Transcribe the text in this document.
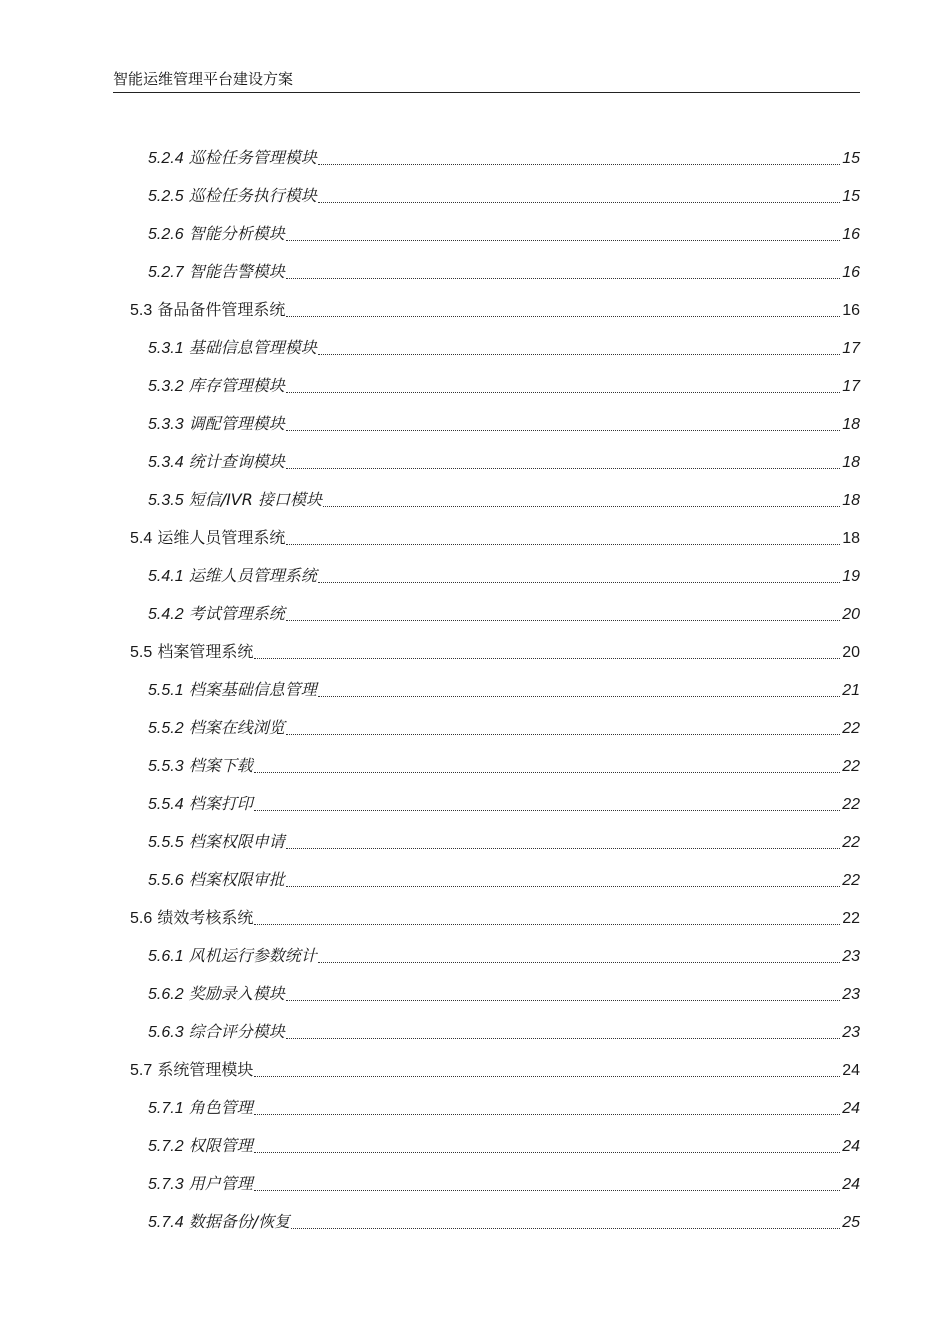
智能运维管理平台建设方案
5.2.4 巡检任务管理模块	15
5.2.5 巡检任务执行模块	15
5.2.6 智能分析模块	16
5.2.7 智能告警模块	16
5.3 备品备件管理系统	16
5.3.1 基础信息管理模块	17
5.3.2 库存管理模块	17
5.3.3 调配管理模块	18
5.3.4 统计查询模块	18
5.3.5 短信/IVR 接口模块	18
5.4 运维人员管理系统	18
5.4.1 运维人员管理系统	19
5.4.2 考试管理系统	20
5.5 档案管理系统	20
5.5.1 档案基础信息管理	21
5.5.2 档案在线浏览	22
5.5.3 档案下载	22
5.5.4 档案打印	22
5.5.5 档案权限申请	22
5.5.6 档案权限审批	22
5.6 绩效考核系统	22
5.6.1 风机运行参数统计	23
5.6.2 奖励录入模块	23
5.6.3 综合评分模块	23
5.7 系统管理模块	24
5.7.1 角色管理	24
5.7.2 权限管理	24
5.7.3 用户管理	24
5.7.4 数据备份/恢复	25
